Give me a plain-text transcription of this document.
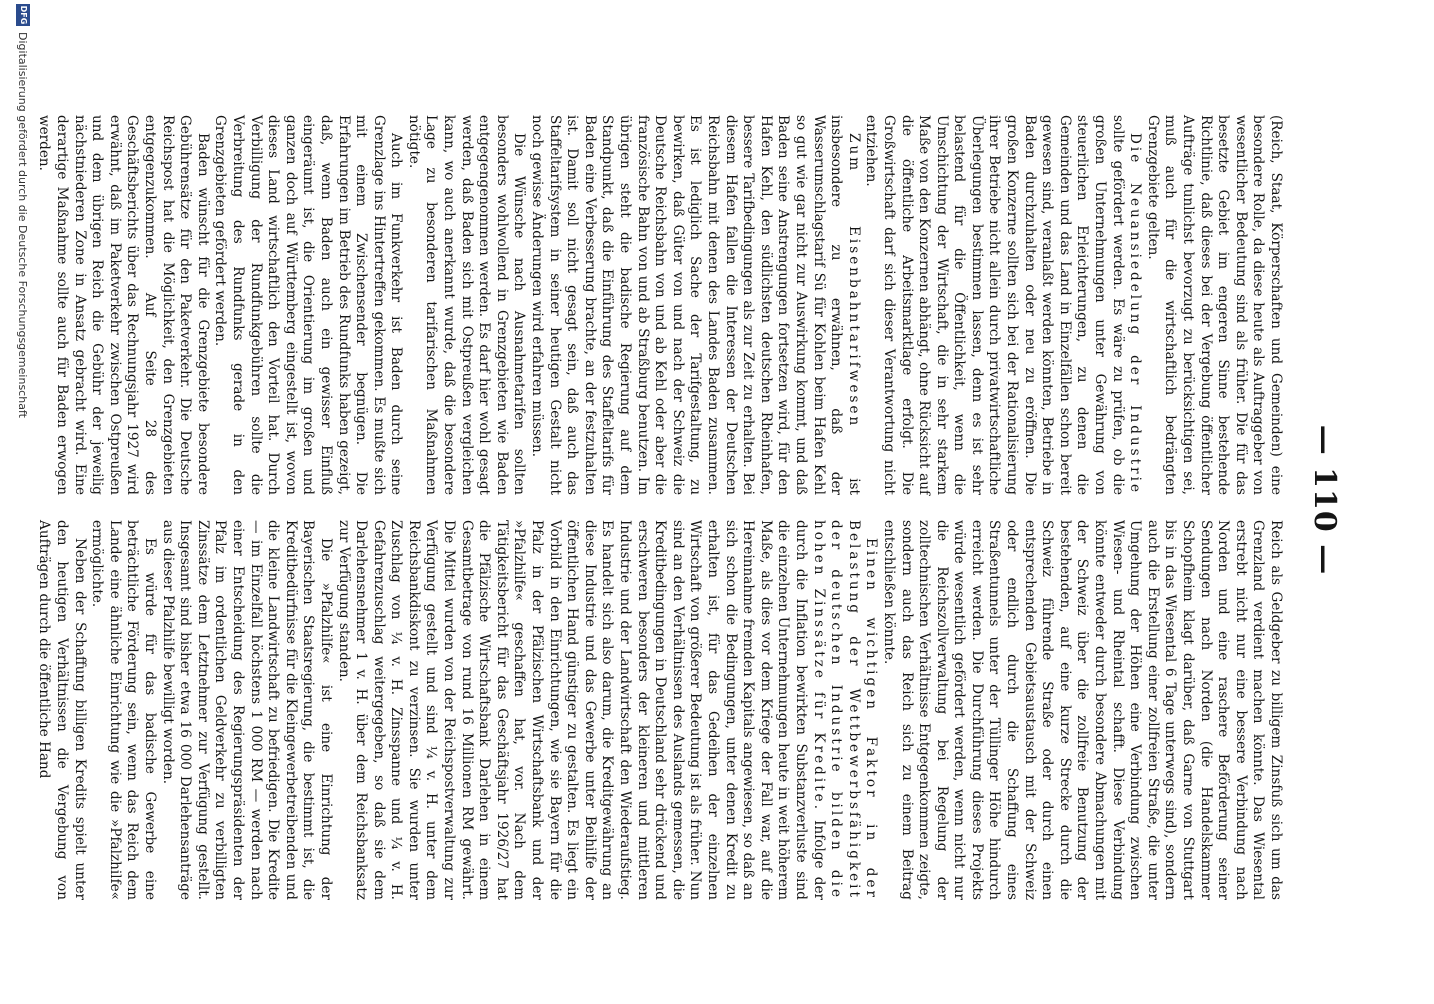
— 110 —

Reich als Geldgeber zu billigem Zinsfuß sich um das Grenzland verdient machen könnte. Das Wiesental erstrebt nicht nur eine bessere Verbindung nach Norden und eine raschere Beförderung seiner Sendungen nach Norden (die Handelskammer Schopfheim klagt darüber, daß Garne von Stuttgart bis in das Wiesental 6 Tage unterwegs sind), sondern auch die Erstellung einer zollfreien Straße, die unter Umgehung der Höhen eine Verbindung zwischen Wiesen- und Rheintal schafft. Diese Verbindung könnte entweder durch besondere Abmachungen mit der Schweiz über die zollfreie Benutzung der bestehenden, auf eine kurze Strecke durch die Schweiz führende Straße oder durch einen entsprechenden Gebietsaustausch mit der Schweiz oder endlich durch die Schaffung eines Straßentunnels unter der Tüllinger Höhe hindurch erreicht werden. Die Durchführung dieses Projekts würde wesentlich gefördert werden, wenn nicht nur die Reichszollverwaltung bei Regelung der zolltechnischen Verhältnisse Entgegenkommen zeigte, sondern auch das Reich sich zu einem Beitrag entschließen könnte.

Einen wichtigen Faktor in der Belastung der Wettbewerbsfähigkeit der deutschen Industrie bilden die hohen Zinssätze für Kredite. Infolge der durch die Inflation bewirkten Substanzverluste sind die einzelnen Unternehmungen heute in weit höherem Maße, als dies vor dem Kriege der Fall war, auf die Hereinnahme fremden Kapitals angewiesen, so daß an sich schon die Bedingungen, unter denen Kredit zu erhalten ist, für das Gedeihen der einzelnen Wirtschaft von größerer Bedeutung ist als früher. Nun sind an den Verhältnissen des Auslands gemessen, die Kreditbedingungen in Deutschland sehr drückend und erschweren besonders der kleineren und mittleren Industrie und der Landwirtschaft den Wiederaufstieg. Es handelt sich also darum, die Kreditgewährung an diese Industrie und das Gewerbe unter Beihilfe der öffentlichen Hand günstiger zu gestalten. Es liegt ein Vorbild in den Einrichtungen, wie sie Bayern für die Pfalz in der Pfälzischen Wirtschaftsbank und der »Pfalzhilfe« geschaffen hat, vor. Nach dem Tätigkeitsbericht für das Geschäftsjahr 1926/27 hat die Pfälzische Wirtschaftsbank Darlehen in einem Gesamtbetrage von rund 16 Millionen RM gewährt. Die Mittel wurden von der Reichspostverwaltung zur Verfügung gestellt und sind ¼ v. H. unter dem Reichsbankdiskont zu verzinsen. Sie wurden unter Zuschlag von ¼ v. H. Zinsspanne und ¼ v. H. Gefahrenzuschlag weitergegeben, so daß sie dem Darlehensnehmer 1 v. H. über dem Reichsbanksatz zur Verfügung standen.

Die »Pfalzhilfe« ist eine Einrichtung der Bayerischen Staatsregierung, die bestimmt ist, die Kreditbedürfnisse für die Kleingewerbetreibenden und die kleine Landwirtschaft zu befriedigen. Die Kredite — im Einzelfall höchstens 1 000 RM — werden nach einer Entscheidung des Regierungspräsidenten der Pfalz im ordentlichen Geldverkehr zu verbilligten Zinssätze dem Letztnehmer zur Verfügung gestellt. Insgesamt sind bisher etwa 16 000 Darlehensanträge aus dieser Pfalzhilfe bewilligt worden.

Es würde für das badische Gewerbe eine beträchtliche Förderung sein, wenn das Reich dem Lande eine ähnliche Einrichtung wie die »Pfalzhilfe« ermöglichte.

Neben der Schaffung billigen Kredits spielt unter den heutigen Verhältnissen die Vergebung von Aufträgen durch die öffentliche Hand

(Reich, Staat, Körperschaften und Gemeinden) eine besondere Rolle, da diese heute als Auftraggeber von wesentlicher Bedeutung sind als früher. Die für das besetzte Gebiet im engeren Sinne bestehende Richtlinie, daß dieses bei der Vergebung öffentlicher Aufträge tunlichst bevorzugt zu berücksichtigen sei, muß auch für die wirtschaftlich bedrängten Grenzgebiete gelten.

Die Neuansiedelung der Industrie sollte gefördert werden. Es wäre zu prüfen, ob die großen Unternehmungen unter Gewährung von steuerlichen Erleichterungen, zu denen die Gemeinden und das Land in Einzelfällen schon bereit gewesen sind, veranlaßt werden könnten, Betriebe in Baden durchzuhalten oder neu zu eröffnen. Die großen Konzerne sollten sich bei der Rationalisierung ihrer Betriebe nicht allein durch privatwirtschaftliche Überlegungen bestimmen lassen, denn es ist sehr belastend für die Öffentlichkeit, wenn die Umschichtung der Wirtschaft, die in sehr starkem Maße von den Konzernen abhängt, ohne Rücksicht auf die öffentliche Arbeitsmarktlage erfolgt. Die Großwirtschaft darf sich dieser Verantwortung nicht entziehen.

Zum Eisenbahntarifwesen ist insbesondere zu erwähnen, daß der Wasserumschlagstarif Sü für Kohlen beim Hafen Kehl so gut wie gar nicht zur Auswirkung kommt, und daß Baden seine Anstrengungen fortsetzen wird, für den Hafen Kehl, den südlichsten deutschen Rheinhafen, bessere Tarifbedingungen als zur Zeit zu erhalten. Bei diesem Hafen fallen die Interessen der Deutschen Reichsbahn mit denen des Landes Baden zusammen. Es ist lediglich Sache der Tarifgestaltung, zu bewirken, daß Güter von und nach der Schweiz die Deutsche Reichsbahn von und ab Kehl oder aber die französische Bahn von und ab Straßburg benutzen. Im übrigen steht die badische Regierung auf dem Standpunkt, daß die Einführung des Staffeltarifs für Baden eine Verbesserung brachte, an der festzuhalten ist. Damit soll nicht gesagt sein, daß auch das Staffeltarifsystem in seiner heutigen Gestalt nicht noch gewisse Änderungen wird erfahren müssen.

Die Wünsche nach Ausnahmetarifen sollten besonders wohlwollend in Grenzgebieten wie Baden entgegengenommen werden. Es darf hier wohl gesagt werden, daß Baden sich mit Ostpreußen vergleichen kann, wo auch anerkannt wurde, daß die besondere Lage zu besonderen tarifarischen Maßnahmen nötigte.

Auch im Funkverkehr ist Baden durch seine Grenzlage ins Hintertreffen gekommen. Es mußte sich mit einem Zwischensender begnügen. Die Erfahrungen im Betrieb des Rundfunks haben gezeigt, daß, wenn Baden auch ein gewisser Einfluß eingeräumt ist, die Orientierung im großen und ganzen doch auf Württemberg eingestellt ist, wovon dieses Land wirtschaftlich den Vorteil hat. Durch Verbilligung der Rundfunkgebühren sollte die Verbreitung des Rundfunks gerade in den Grenzgebieten gefördert werden.

Baden wünscht für die Grenzgebiete besondere Gebührensätze für den Paketverkehr. Die Deutsche Reichspost hat die Möglichkeit, den Grenzgebieten entgegenzukommen. Auf Seite 28 des Geschäftsberichts über das Rechnungsjahr 1927 wird erwähnt, daß im Paketverkehr zwischen Ostpreußen und dem übrigen Reich die Gebühr der jeweilig nächstniederen Zone in Ansatz gebracht wird. Eine derartige Maßnahme sollte auch für Baden erwogen werden.

DFG
Digitalisierung gefördert durch die Deutsche Forschungsgemeinschaft
